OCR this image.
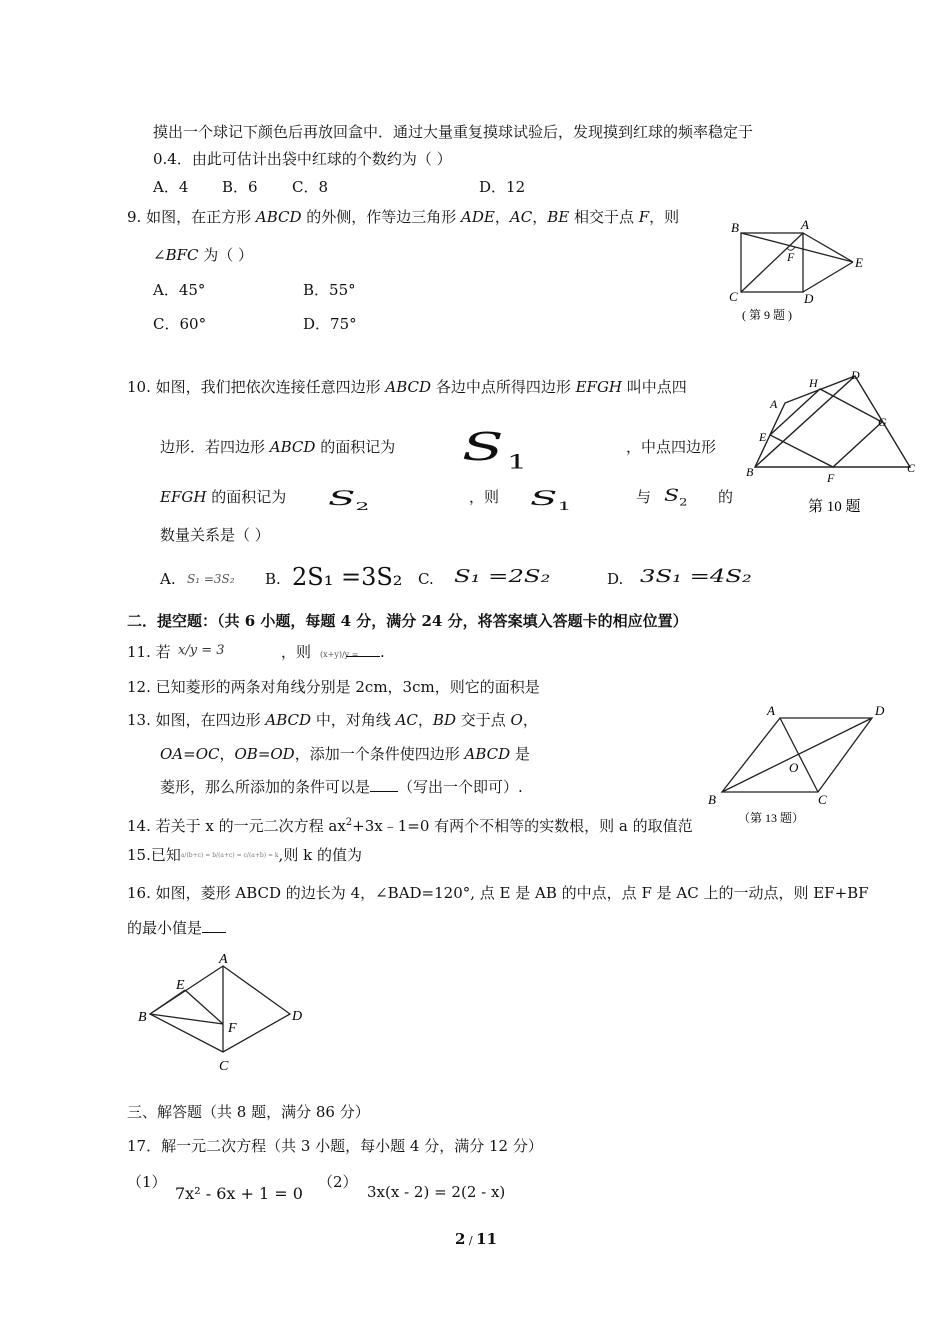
摸出一个球记下颜色后再放回盒中．通过大量重复摸球试验后，发现摸到红球的频率稳定于
0.4．由此可估计出袋中红球的个数约为（ ）
A．4 B．6 C．8	D．12
9. 如图，在正方形 ABCD 的外侧，作等边三角形 ADE，AC，BE 相交于点 F，则
∠BFC 为（ ）
A．45°	B．55°
C．60°	D．75°
B	A
F	E
C	D
( 第 9 题 )
10. 如图，我们把依次连接任意四边形 ABCD 各边中点所得四边形 EFGH 叫中点四
边形．若四边形 ABCD 的面积记为 $S_1$
，中点四边形
EFGH 的面积记为 $S_2$
，则 $S_1$
与 $S_2$ 的
数量关系是（ ）
A. S₁ =3S₂ B. 2S₁ =3S₂ C. S₁ =2S₂	D. 3S₁ =4S₂
H
D
A
E
G
B	F
C
第 10 题
二．提空题：（共 6 小题，每题 4 分，满分 24 分，将答案填入答题卡的相应位置）
11. 若 x/y = 3	，则 (x+y)/y =	.
12. 已知菱形的两条对角线分别是 2cm，3cm，则它的面积是
13. 如图，在四边形 ABCD 中，对角线 AC，BD 交于点 O，
OA=OC，OB=OD，添加一个条件使四边形 ABCD 是
菱形，那么所添加的条件可以是 （写出一个即可）.
A	D
O
B	C
（第 13 题）
14. 若关于 x 的一元二次方程 $ax^2+3x﹣1=0$ 有两个不相等的实数根，则 a 的取值范
15.已知a/(b+c) = b/(a+c) = c/(a+b) = k,则 k 的值为
16. 如图，菱形 ABCD 的边长为 4，∠BAD=120°, 点 E 是 AB 的中点，点 F 是 AC 上的一动点，则 EF+BF
的最小值是
A
E
B
F
D
C
三、解答题（共 8 题，满分 86 分）
17．解一元二次方程（共 3 小题，每小题 4 分，满分 12 分）
（1）
7x² - 6x + 1 = 0
（2）
3x(x - 2) = 2(2 - x)
2 / 11
